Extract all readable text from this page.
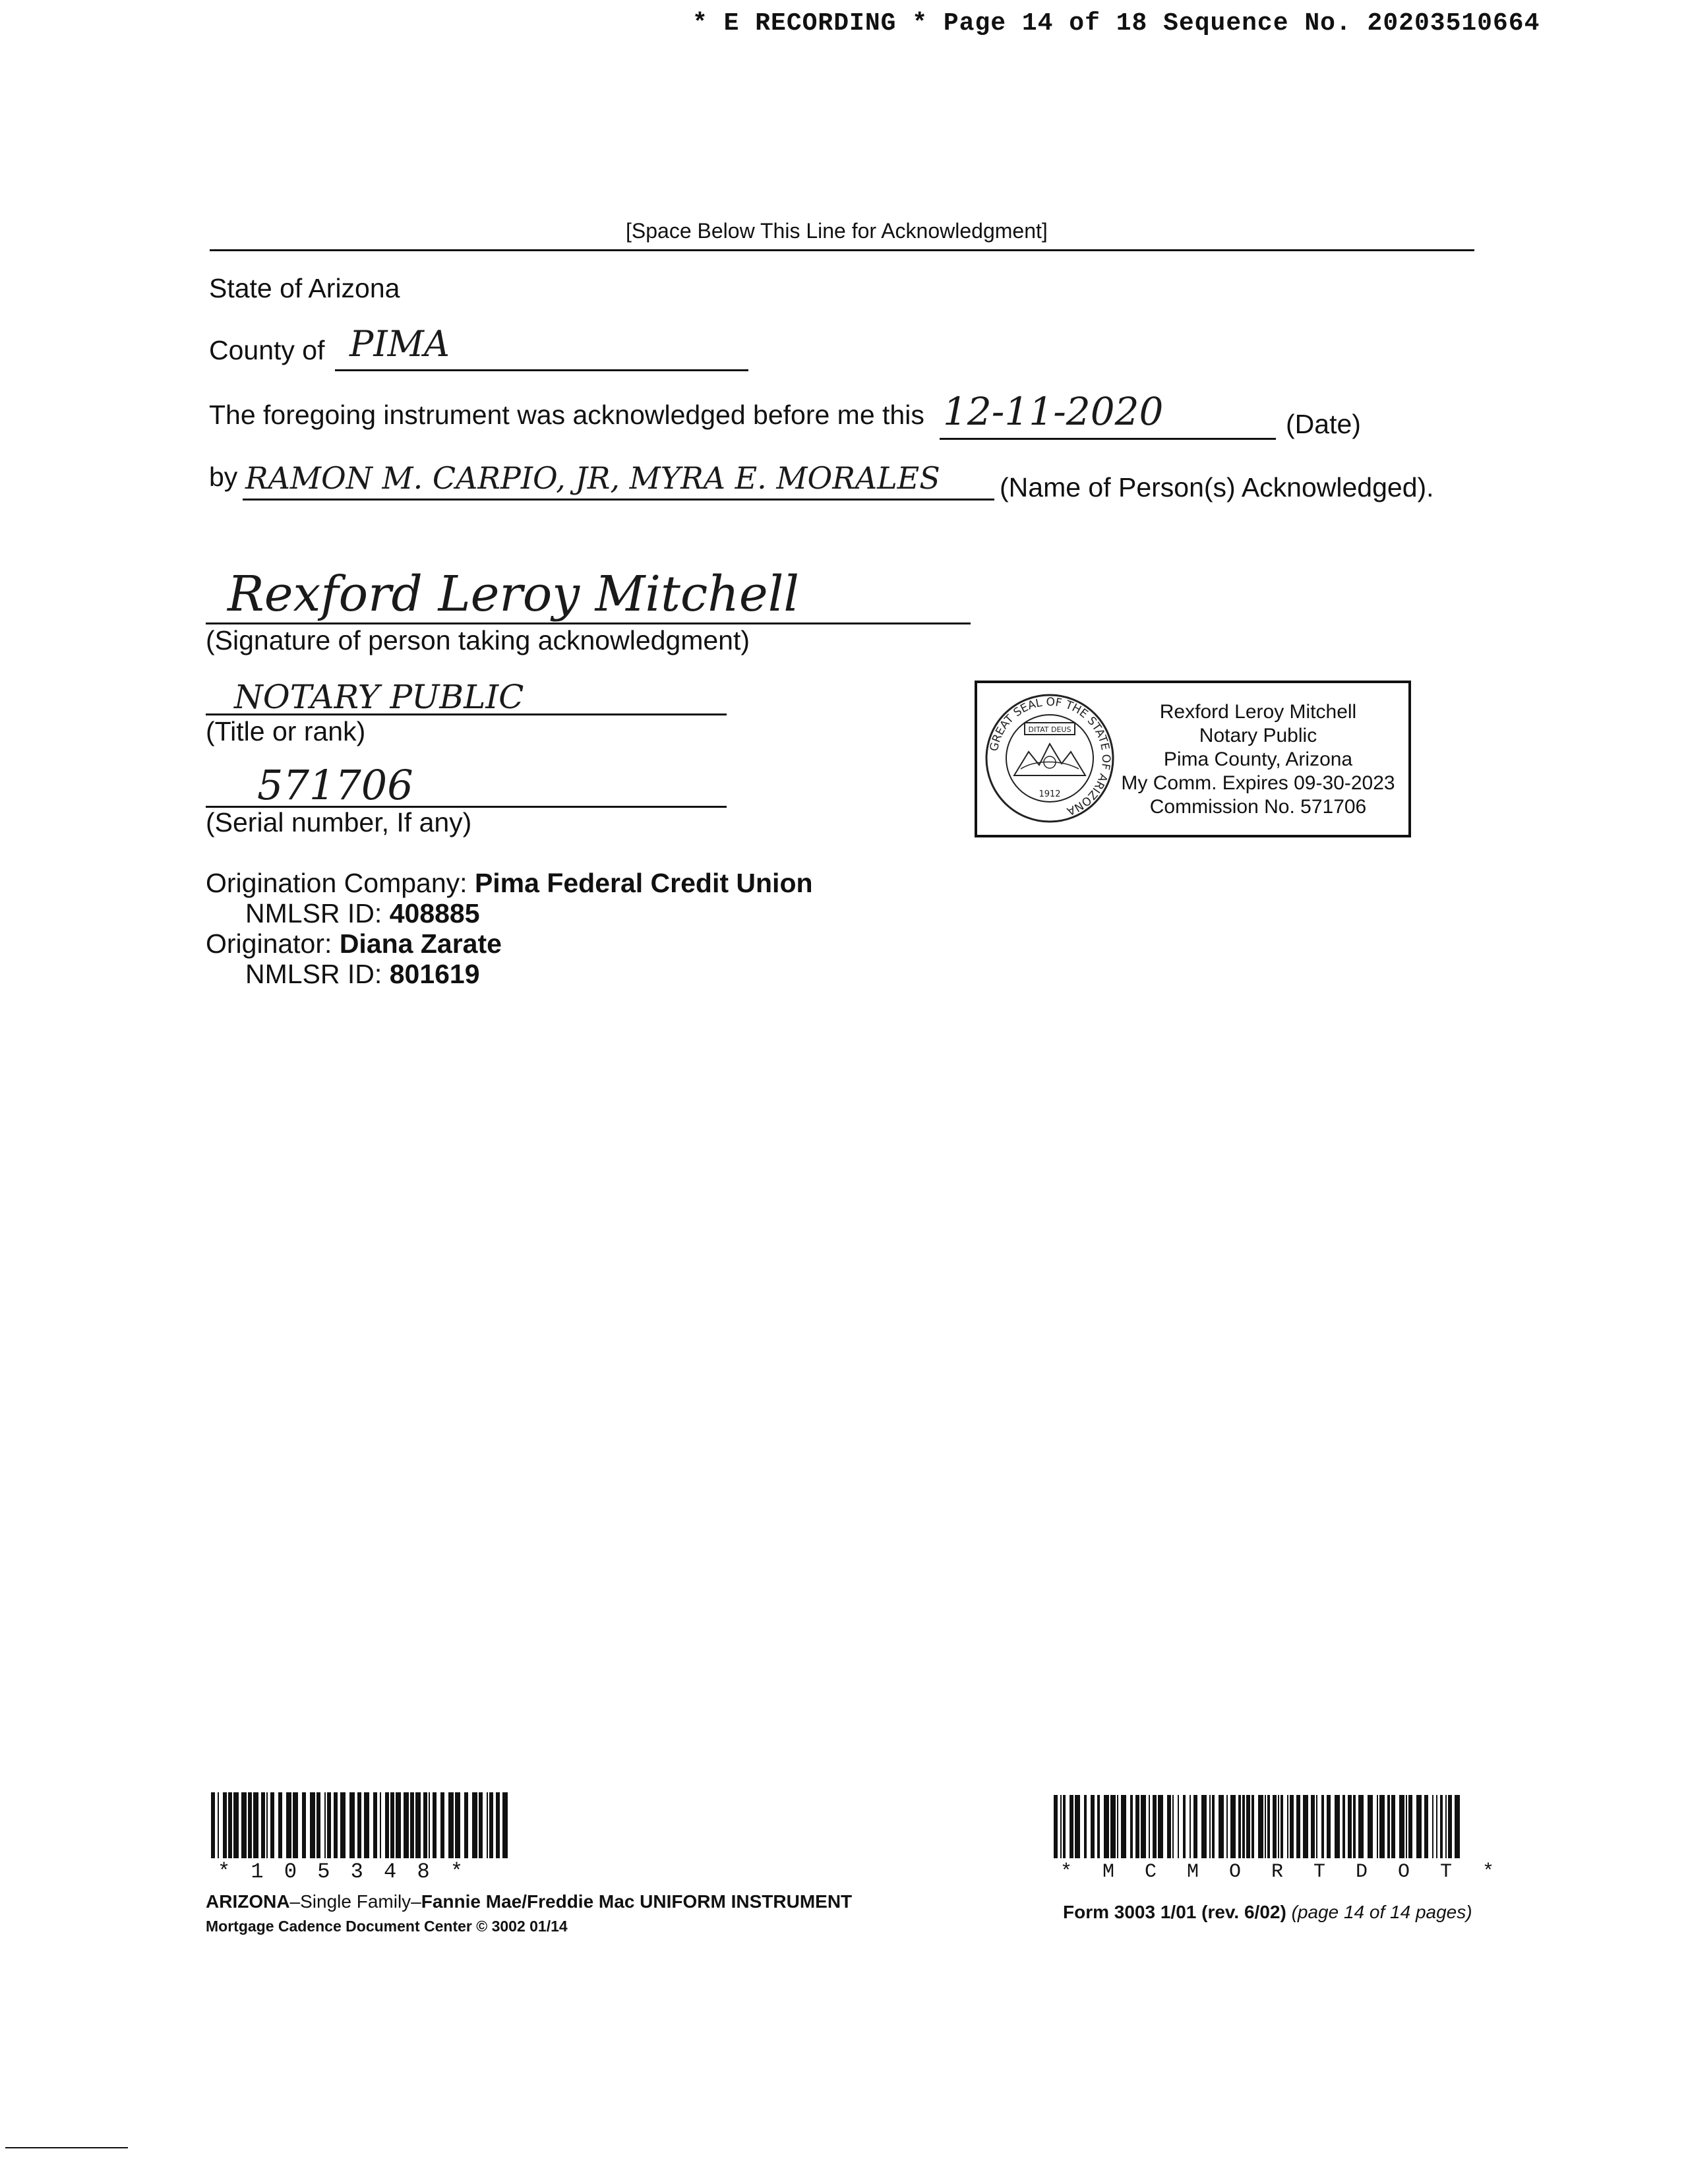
* E RECORDING * Page 14 of 18 Sequence No. 20203510664
[Space Below This Line for Acknowledgment]
State of Arizona
County of PIMA
The foregoing instrument was acknowledged before me this 12-11-2020	(Date)
by RAMON M. CARPIO, JR, MYRA E. MORALES (Name of Person(s) Acknowledged).
Rexford Leroy Mitchell
(Signature of person taking acknowledgment)
NOTARY PUBLIC
(Title or rank)
571706
(Serial number, If any)
GREAT SEAL OF THE STATE OF ARIZONA
DITAT DEUS
1912
Rexford Leroy Mitchell
Notary Public
Pima County, Arizona
My Comm. Expires 09-30-2023
Commission No. 571706
Origination Company: Pima Federal Credit Union
NMLSR ID: 408885
Originator: Diana Zarate
NMLSR ID: 801619
* 1 0 5 3 4 8 *
ARIZONA–Single Family–Fannie Mae/Freddie Mac UNIFORM INSTRUMENT
Mortgage Cadence Document Center © 3002 01/14
* M C M O R T D O T *
Form 3003 1/01 (rev. 6/02) (page 14 of 14 pages)
